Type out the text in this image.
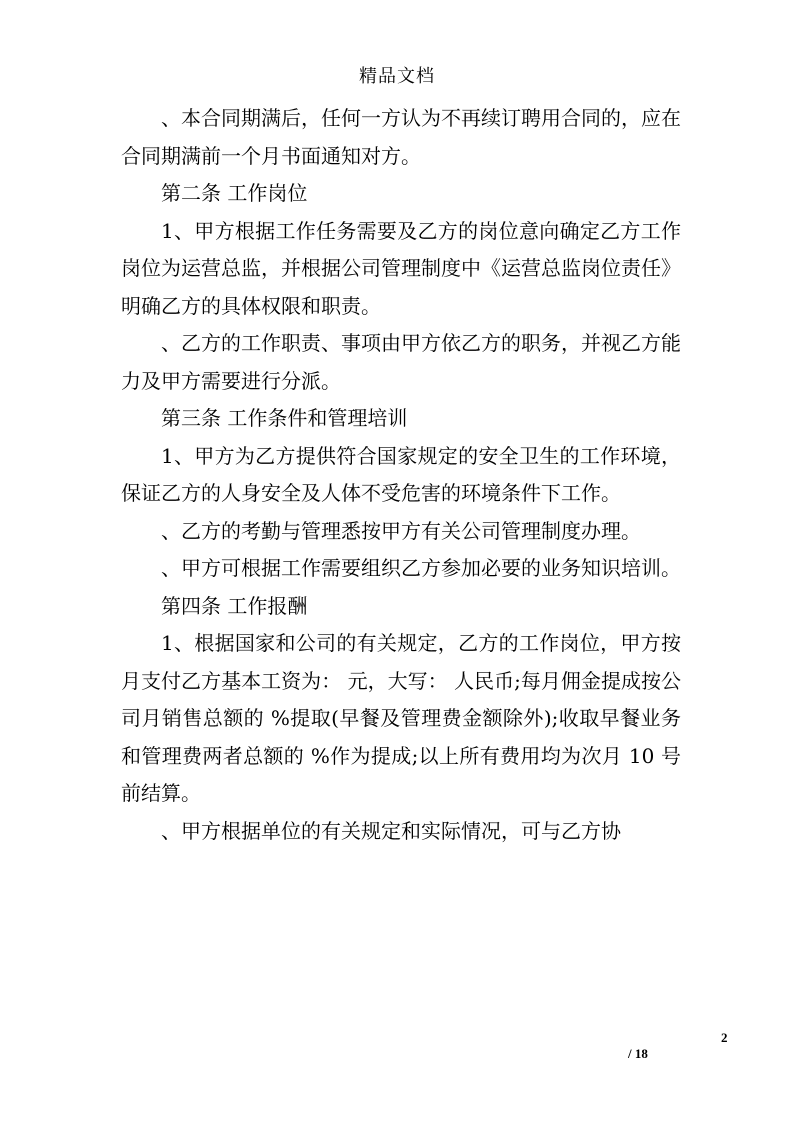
精品文档

、本合同期满后，任何一方认为不再续订聘用合同的，应在合同期满前一个月书面通知对方。

第二条 工作岗位

1、甲方根据工作任务需要及乙方的岗位意向确定乙方工作岗位为运营总监，并根据公司管理制度中《运营总监岗位责任》明确乙方的具体权限和职责。

、乙方的工作职责、事项由甲方依乙方的职务，并视乙方能力及甲方需要进行分派。

第三条 工作条件和管理培训

1、甲方为乙方提供符合国家规定的安全卫生的工作环境，保证乙方的人身安全及人体不受危害的环境条件下工作。

、乙方的考勤与管理悉按甲方有关公司管理制度办理。

、甲方可根据工作需要组织乙方参加必要的业务知识培训。

第四条 工作报酬

1、根据国家和公司的有关规定，乙方的工作岗位，甲方按月支付乙方基本工资为： 元，大写： 人民币;每月佣金提成按公司月销售总额的 %提取(早餐及管理费金额除外);收取早餐业务和管理费两者总额的 %作为提成;以上所有费用均为次月 10 号前结算。

、甲方根据单位的有关规定和实际情况，可与乙方协

2
/ 18
